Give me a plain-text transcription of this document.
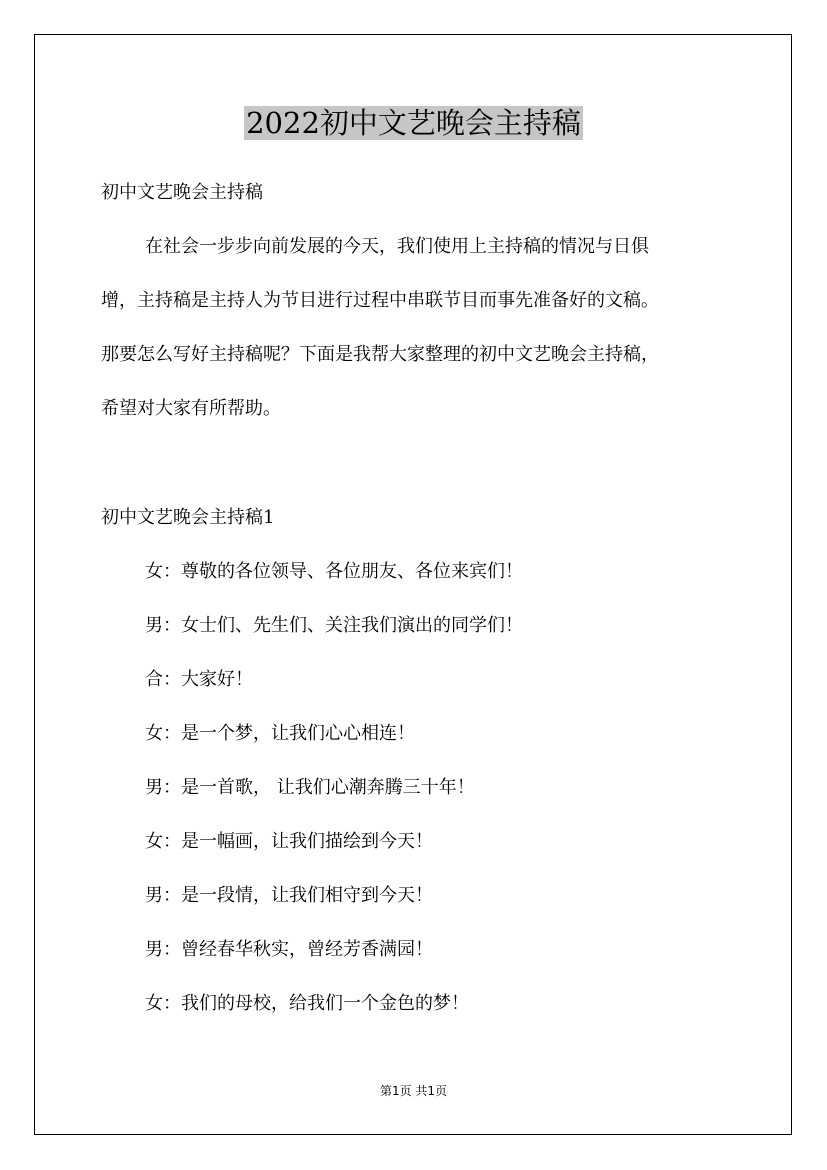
2022初中文艺晚会主持稿
初中文艺晚会主持稿
在社会一步步向前发展的今天，我们使用上主持稿的情况与日俱
增，主持稿是主持人为节目进行过程中串联节目而事先准备好的文稿。
那要怎么写好主持稿呢？下面是我帮大家整理的初中文艺晚会主持稿，
希望对大家有所帮助。
初中文艺晚会主持稿1
女：尊敬的各位领导、各位朋友、各位来宾们！
男：女士们、先生们、关注我们演出的同学们！
合：大家好！
女：是一个梦，让我们心心相连！
男：是一首歌， 让我们心潮奔腾三十年！
女：是一幅画，让我们描绘到今天！
男：是一段情，让我们相守到今天！
男：曾经春华秋实，曾经芳香满园！
女：我们的母校，给我们一个金色的梦！
第1页 共1页
